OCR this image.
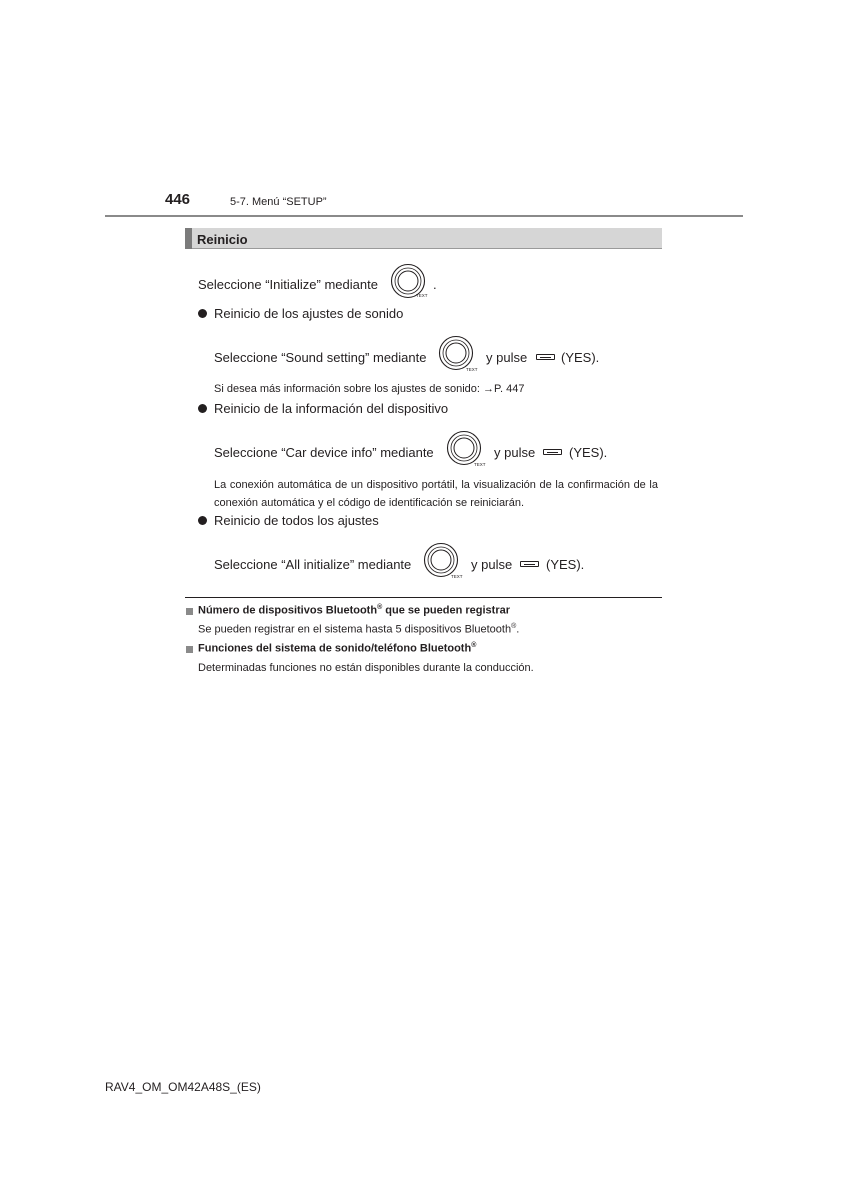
446	5-7. Menú “SETUP”
Reinicio
Seleccione “Initialize” mediante
TEXT
.
Reinicio de los ajustes de sonido
Seleccione “Sound setting” mediante
TEXT
y pulse	(YES).
Si desea más información sobre los ajustes de sonido: →P. 447
Reinicio de la información del dispositivo
Seleccione “Car device info” mediante
TEXT
y pulse	(YES).
La conexión automática de un dispositivo portátil, la visualización de la confirmación de la conexión automática y el código de identificación se reiniciarán.
Reinicio de todos los ajustes
Seleccione “All initialize” mediante
TEXT
y pulse	(YES).
Número de dispositivos Bluetooth® que se pueden registrar
Se pueden registrar en el sistema hasta 5 dispositivos Bluetooth®.
Funciones del sistema de sonido/teléfono Bluetooth®
Determinadas funciones no están disponibles durante la conducción.
RAV4_OM_OM42A48S_(ES)
